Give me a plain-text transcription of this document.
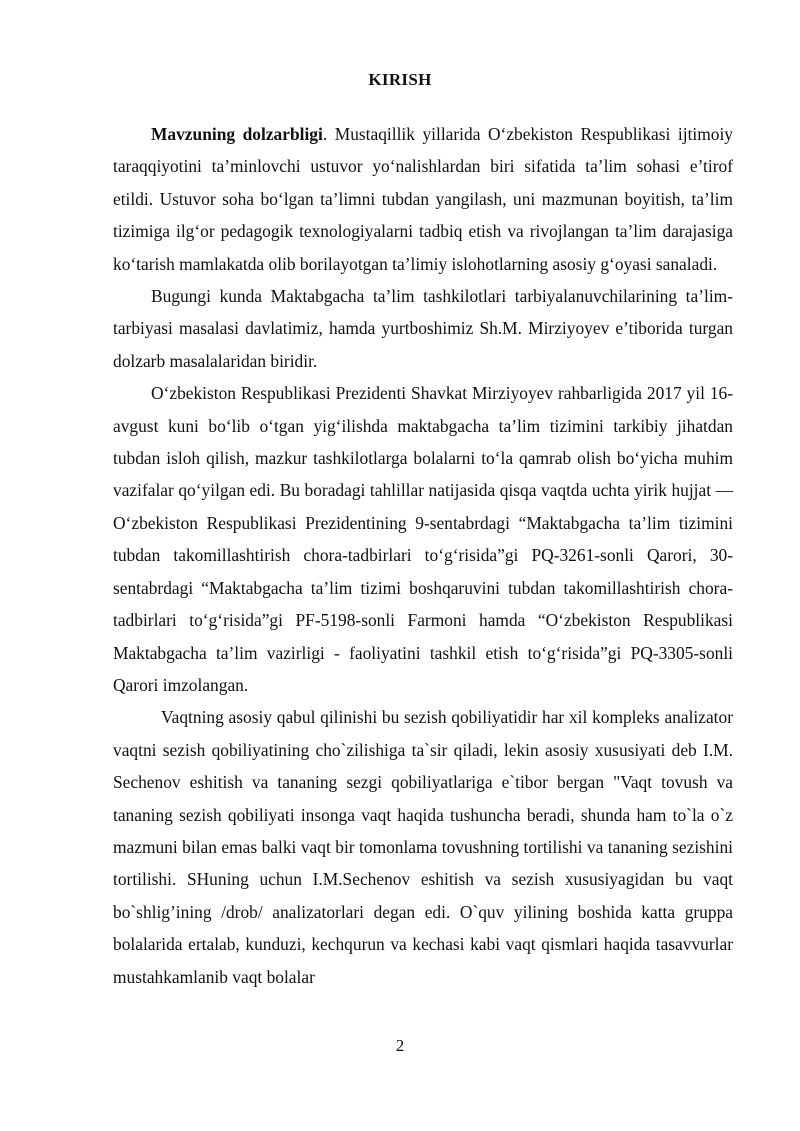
KIRISH

Mavzuning dolzarbligi. Mustaqillik yillarida O‘zbekiston Respublikasi ijtimoiy taraqqiyotini ta’minlovchi ustuvor yo‘nalishlardan biri sifatida ta’lim sohasi e’tirof etildi. Ustuvor soha bo‘lgan ta’limni tubdan yangilash, uni mazmunan boyitish, ta’lim tizimiga ilg‘or pedagogik texnologiyalarni tadbiq etish va rivojlangan ta’lim darajasiga ko‘tarish mamlakatda olib borilayotgan ta’limiy islohotlarning asosiy g‘oyasi sanaladi.

Bugungi kunda Maktabgacha ta’lim tashkilotlari tarbiyalanuvchilarining ta’lim-tarbiyasi masalasi davlatimiz, hamda yurtboshimiz Sh.M. Mirziyoyev e’tiborida turgan dolzarb masalalaridan biridir.

O‘zbekiston Respublikasi Prezidenti Shavkat Mirziyoyev rahbarligida 2017 yil 16-avgust kuni bo‘lib o‘tgan yig‘ilishda maktabgacha ta’lim tizimini tarkibiy jihatdan tubdan isloh qilish, mazkur tashkilotlarga bolalarni to‘la qamrab olish bo‘yicha muhim vazifalar qo‘yilgan edi. Bu boradagi tahlillar natijasida qisqa vaqtda uchta yirik hujjat — O‘zbekiston Respublikasi Prezidentining 9-sentabrdagi “Maktabgacha ta’lim tizimini tubdan takomillashtirish chora-tadbirlari to‘g‘risida”gi PQ-3261-sonli Qarori, 30-sentabrdagi “Maktabgacha ta’lim tizimi boshqaruvini tubdan takomillashtirish chora-tadbirlari to‘g‘risida”gi PF-5198-sonli Farmoni hamda “O‘zbekiston Respublikasi Maktabgacha ta’lim vazirligi - faoliyatini tashkil etish to‘g‘risida”gi PQ-3305-sonli Qarori imzolangan.

Vaqtning asosiy qabul qilinishi bu sezish qobiliyatidir har xil kompleks analizator vaqtni sezish qobiliyatining cho`zilishiga ta`sir qiladi, lekin asosiy xususiyati deb I.M. Sechenov eshitish va tananing sezgi qobiliyatlariga e`tibor bergan "Vaqt tovush va tananing sezish qobiliyati insonga vaqt haqida tushuncha beradi, shunda ham to`la o`z mazmuni bilan emas balki vaqt bir tomonlama tovushning tortilishi va tananing sezishini tortilishi. SHuning uchun I.M.Sechenov eshitish va sezish xususiyagidan bu vaqt bo`shlig’ining /drob/ analizatorlari degan edi. O`quv yilining boshida katta gruppa bolalarida ertalab, kunduzi, kechqurun va kechasi kabi vaqt qismlari haqida tasavvurlar mustahkamlanib vaqt bolalar

2
